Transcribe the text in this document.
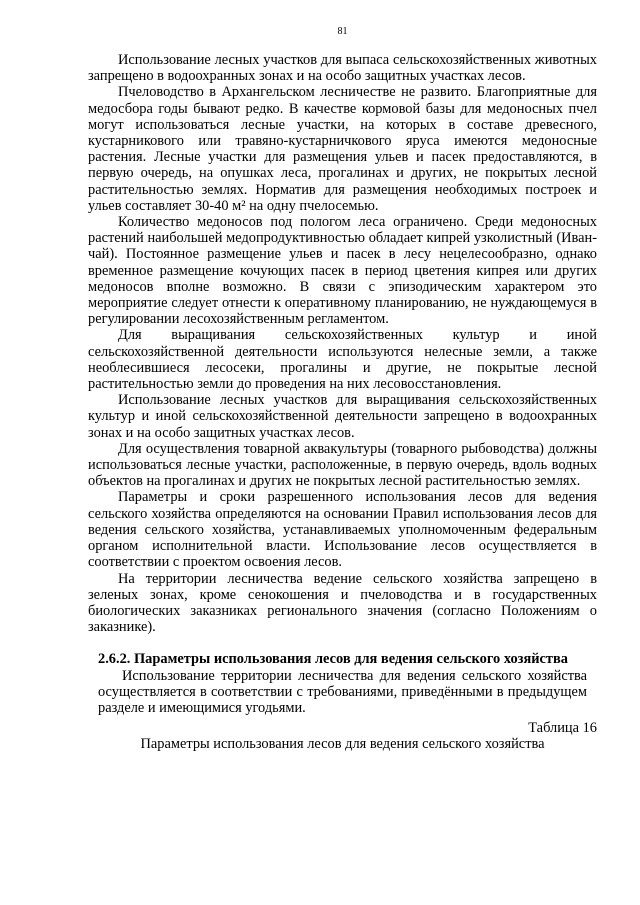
81

Использование лесных участков для выпаса сельскохозяйственных животных запрещено в водоохранных зонах и на особо защитных участках лесов.

Пчеловодство в Архангельском лесничестве не развито. Благоприятные для медосбора годы бывают редко. В качестве кормовой базы для медоносных пчел могут использоваться лесные участки, на которых в составе древесного, кустарникового или травяно-кустарничкового яруса имеются медоносные растения. Лесные участки для размещения ульев и пасек предоставляются, в первую очередь, на опушках леса, прогалинах и других, не покрытых лесной растительностью землях. Норматив для размещения необходимых построек и ульев составляет 30-40 м² на одну пчелосемью.

Количество медоносов под пологом леса ограничено. Среди медоносных растений наибольшей медопродуктивностью обладает кипрей узколистный (Иван-чай). Постоянное размещение ульев и пасек в лесу нецелесообразно, однако временное размещение кочующих пасек в период цветения кипрея или других медоносов вполне возможно. В связи с эпизодическим характером это мероприятие следует отнести к оперативному планированию, не нуждающемуся в регулировании лесохозяйственным регламентом.

Для выращивания сельскохозяйственных культур и иной сельскохозяйственной деятельности используются нелесные земли, а также необлесившиеся лесосеки, прогалины и другие, не покрытые лесной растительностью земли до проведения на них лесовосстановления.

Использование лесных участков для выращивания сельскохозяйственных культур и иной сельскохозяйственной деятельности запрещено в водоохранных зонах и на особо защитных участках лесов.

Для осуществления товарной аквакультуры (товарного рыбоводства) должны использоваться лесные участки, расположенные, в первую очередь, вдоль водных объектов на прогалинах и других не покрытых лесной растительностью землях.

Параметры и сроки разрешенного использования лесов для ведения сельского хозяйства определяются на основании Правил использования лесов для ведения сельского хозяйства, устанавливаемых уполномоченным федеральным органом исполнительной власти. Использование лесов осуществляется в соответствии с проектом освоения лесов.

На территории лесничества ведение сельского хозяйства запрещено в зеленых зонах, кроме сенокошения и пчеловодства и в государственных биологических заказниках регионального значения (согласно Положениям о заказнике).

2.6.2. Параметры использования лесов для ведения сельского хозяйства

Использование территории лесничества для ведения сельского хозяйства осуществляется в соответствии с требованиями, приведёнными в предыдущем разделе и имеющимися угодьями.

Таблица 16

Параметры использования лесов для ведения сельского хозяйства
